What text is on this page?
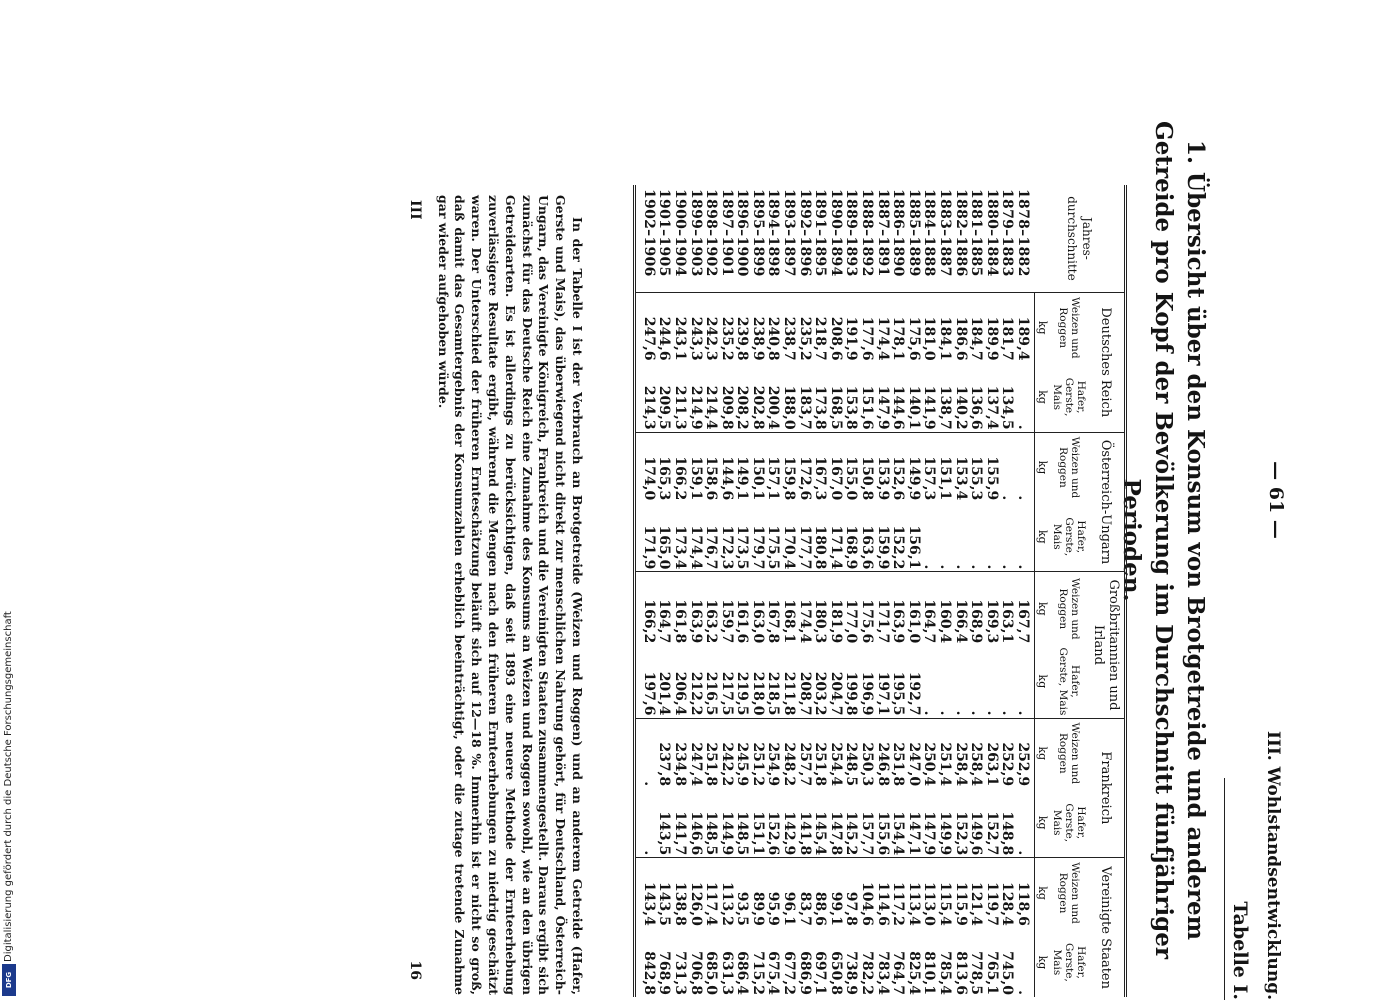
— 61 —
III. Wohlstandsentwicklung.
Tabelle I.
1. Übersicht über den Konsum von Brotgetreide und anderem Getreide pro Kopf der Bevölkerung im Durchschnitt fünfjähriger Perioden.
Jahres-durchschnitte	Deutsches Reich		Österreich-Ungarn		Großbritannien und Irland		Frankreich		Vereinigte Staaten	
	Weizen und Roggen	Hafer, Gerste, Mais	Weizen und Roggen	Hafer, Gerste, Mais	Weizen und Roggen	Hafer, Gerste, Mais	Weizen und Roggen	Hafer, Gerste, Mais	Weizen und Roggen	Hafer, Gerste, Mais
	kg	kg	kg	kg	kg	kg	kg	kg	kg	kg
1878–1882	189,4	.	.	.	167,7	.	252,9	.	118,6	.
1879–1883	181,7	134,5	.	.	163,1	.	252,9	148,8	128,4	745,0
1880–1884	189,9	137,4	155,9	.	169,3	.	263,1	152,7	119,7	765,1
1881–1885	184,7	136,6	155,3	.	168,9	.	258,4	149,6	121,4	778,5
1882–1886	186,6	140,2	153,4	.	166,4	.	258,4	152,3	115,9	813,6
1883–1887	184,1	138,7	151,1	.	160,4	.	251,4	149,9	115,4	785,4
1884–1888	181,0	141,9	157,3	.	164,7	.	250,4	147,9	113,0	810,1
1885–1889	175,6	140,1	149,9	156,1	161,0	192,7	247,0	147,1	113,4	825,4
1886–1890	178,1	144,6	152,6	152,2	163,9	195,5	251,8	154,4	117,2	764,7
1887–1891	174,4	147,9	153,9	159,9	171,7	197,1	246,8	155,6	114,6	783,4
1888–1892	177,6	151,6	150,8	163,6	175,6	196,9	250,3	157,7	104,6	782,2
1889–1893	191,9	153,8	155,0	168,9	177,0	199,8	248,5	145,2	97,8	738,9
1890–1894	208,6	168,5	167,0	171,4	181,9	204,7	254,4	147,8	99,1	650,8
1891–1895	218,7	173,8	167,3	180,8	180,3	203,2	251,8	145,4	88,6	697,1
1892–1896	235,2	183,7	172,6	177,7	174,4	208,7	257,7	141,8	83,7	686,9
1893–1897	238,7	188,0	159,8	170,4	168,1	211,8	248,2	142,9	96,1	677,2
1894–1898	240,8	200,4	157,1	175,5	167,8	218,5	254,9	152,6	95,9	675,4
1895–1899	238,9	202,8	150,1	179,7	163,0	218,0	251,2	151,1	89,9	715,2
1896–1900	239,8	208,2	149,1	173,5	161,6	219,5	245,9	148,5	93,5	686,4
1897–1901	235,2	209,8	144,6	172,3	159,7	217,5	242,2	144,9	113,2	631,3
1898–1902	242,3	214,4	158,6	176,7	163,2	216,5	251,8	148,5	117,4	685,0
1899–1903	243,3	214,9	159,1	174,4	163,9	212,2	247,4	146,6	126,0	706,8
1900–1904	243,1	211,3	166,2	173,4	161,8	206,4	234,8	141,7	138,8	731,3
1901–1905	244,6	209,5	165,3	165,0	164,7	201,4	237,8	143,5	143,5	768,9
1902–1906	247,6	214,3	174,0	171,9	166,2	197,6	.	.	143,4	842,8
In der Tabelle I ist der Verbrauch an Brotgetreide (Weizen und Roggen) und an anderem Getreide (Hafer, Gerste und Mais), das überwiegend nicht direkt zur menschlichen Nahrung gehört, für Deutschland, Österreich-Ungarn, das Vereinigte Königreich, Frankreich und die Vereinigten Staaten zusammengestellt. Daraus ergibt sich zunächst für das Deutsche Reich eine Zunahme des Konsums an Weizen und Roggen sowohl, wie an den übrigen Getreidearten. Es ist allerdings zu berücksichtigen, daß seit 1893 eine neuere Methode der Ernteerhebung zuverlässigere Resultate ergibt, während die Mengen nach den früheren Ernteerhebungen zu niedrig geschätzt waren. Der Unterschied der früheren Ernteschätzung beläuft sich auf 12—18 %. Immerhin ist er nicht so groß, daß damit das Gesamtergebnis der Konsumzahlen erheblich beeinträchtigt, oder die zutage tretende Zunahme gar wieder aufgehoben würde.
III
16
Digitalisierung gefördert durch die Deutsche Forschungsgemeinschaft
DFG
